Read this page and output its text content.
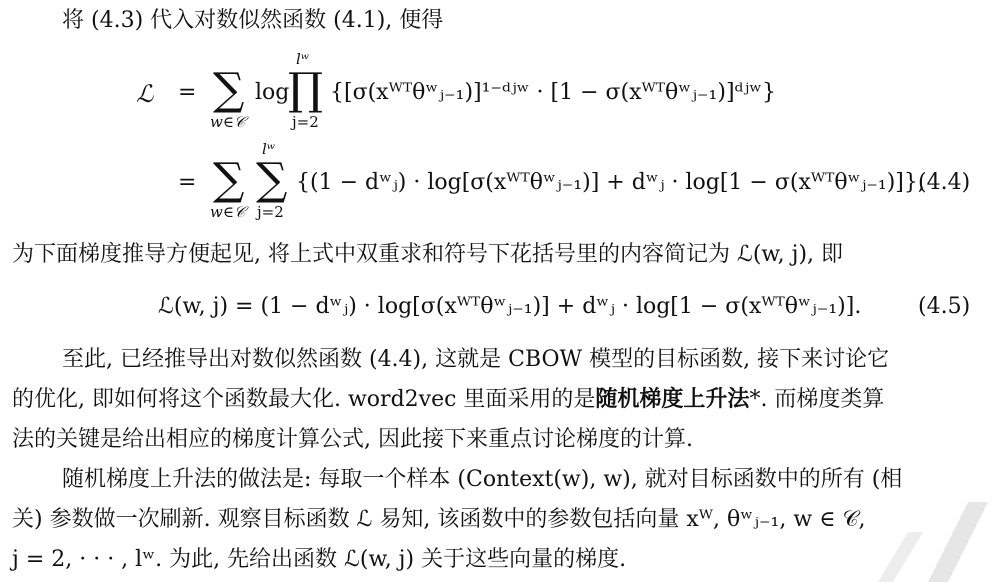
将 (4.3) 代入对数似然函数 (4.1), 便得
ℒ = ∑
w∈𝒞
log
lʷ
∏
j=2
{[σ(xᵂᵀθʷⱼ₋₁)]¹⁻ᵈʲʷ · [1 − σ(xᵂᵀθʷⱼ₋₁)]ᵈʲʷ}
=
lʷ
∑ ∑
w∈𝒞 j=2
{(1 − dʷⱼ) · log[σ(xᵂᵀθʷⱼ₋₁)] + dʷⱼ · log[1 − σ(xᵂᵀθʷⱼ₋₁)]},
(4.4)
为下面梯度推导方便起见, 将上式中双重求和符号下花括号里的内容简记为 ℒ(w, j), 即
ℒ(w, j) = (1 − dʷⱼ) · log[σ(xᵂᵀθʷⱼ₋₁)] + dʷⱼ · log[1 − σ(xᵂᵀθʷⱼ₋₁)].	(4.5)
至此, 已经推导出对数似然函数 (4.4), 这就是 CBOW 模型的目标函数, 接下来讨论它
的优化, 即如何将这个函数最大化. word2vec 里面采用的是随机梯度上升法*. 而梯度类算
法的关键是给出相应的梯度计算公式, 因此接下来重点讨论梯度的计算.
随机梯度上升法的做法是: 每取一个样本 (Context(w), w), 就对目标函数中的所有 (相
关) 参数做一次刷新. 观察目标函数 ℒ 易知, 该函数中的参数包括向量 xᵂ, θʷⱼ₋₁, w ∈ 𝒞,
j = 2, · · · , lʷ. 为此, 先给出函数 ℒ(w, j) 关于这些向量的梯度.
